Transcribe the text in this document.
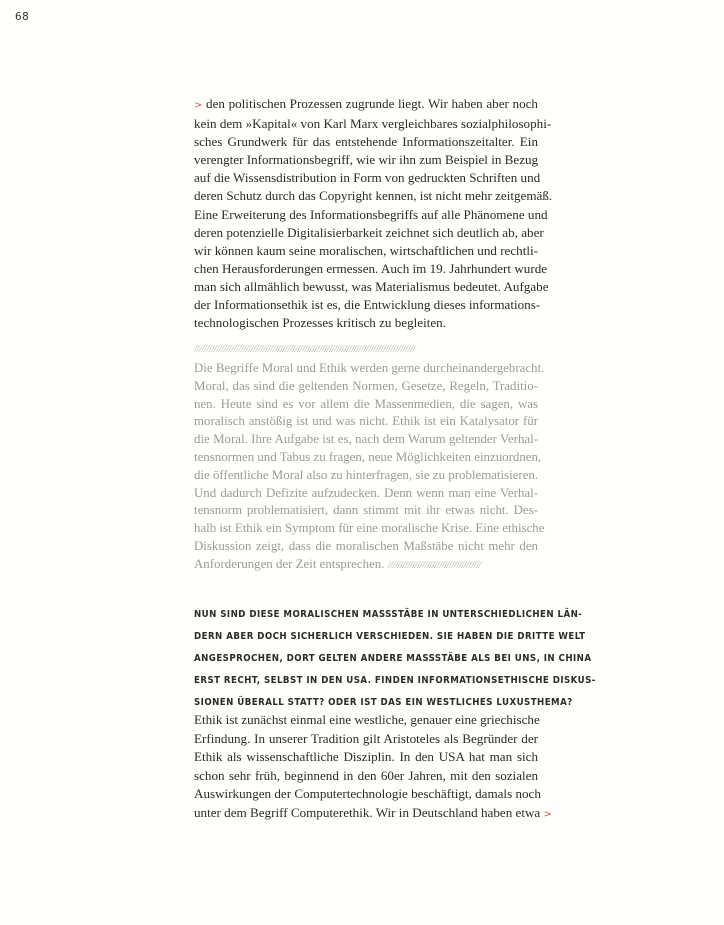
68
> den politischen Prozessen zugrunde liegt. Wir haben aber noch
kein dem »Kapital« von Karl Marx vergleichbares sozialphilosophi-
sches Grundwerk für das entstehende Informationszeitalter. Ein
verengter Informationsbegriff, wie wir ihn zum Beispiel in Bezug
auf die Wissensdistribution in Form von gedruckten Schriften und
deren Schutz durch das Copyright kennen, ist nicht mehr zeitgemäß.
Eine Erweiterung des Informationsbegriffs auf alle Phänomene und
deren potenzielle Digitalisierbarkeit zeichnet sich deutlich ab, aber
wir können kaum seine moralischen, wirtschaftlichen und rechtli-
chen Herausforderungen ermessen. Auch im 19. Jahrhundert wurde
man sich allmählich bewusst, was Materialismus bedeutet. Aufgabe
der Informationsethik ist es, die Entwicklung dieses informations-
technologischen Prozesses kritisch zu begleiten.
//////////////////////////////////////////////////////////////////////////////////////////
Die Begriffe Moral und Ethik werden gerne durcheinandergebracht.
Moral, das sind die geltenden Normen, Gesetze, Regeln, Traditio-
nen. Heute sind es vor allem die Massenmedien, die sagen, was
moralisch anstößig ist und was nicht. Ethik ist ein Katalysator für
die Moral. Ihre Aufgabe ist es, nach dem Warum geltender Verhal-
tensnormen und Tabus zu fragen, neue Möglichkeiten einzuordnen,
die öffentliche Moral also zu hinterfragen, sie zu problematisieren.
Und dadurch Defizite aufzudecken. Denn wenn man eine Verhal-
tensnorm problematisiert, dann stimmt mit ihr etwas nicht. Des-
halb ist Ethik ein Symptom für eine moralische Krise. Eine ethische
Diskussion zeigt, dass die moralischen Maßstäbe nicht mehr den
Anforderungen der Zeit entsprechen. //////////////////////////////////////
NUN SIND DIESE MORALISCHEN MASSSTÄBE IN UNTERSCHIEDLICHEN LÄN-
DERN ABER DOCH SICHERLICH VERSCHIEDEN. SIE HABEN DIE DRITTE WELT
ANGESPROCHEN, DORT GELTEN ANDERE MASSSTÄBE ALS BEI UNS, IN CHINA
ERST RECHT, SELBST IN DEN USA. FINDEN INFORMATIONSETHISCHE DISKUS-
SIONEN ÜBERALL STATT? ODER IST DAS EIN WESTLICHES LUXUSTHEMA?
Ethik ist zunächst einmal eine westliche, genauer eine griechische
Erfindung. In unserer Tradition gilt Aristoteles als Begründer der
Ethik als wissenschaftliche Disziplin. In den USA hat man sich
schon sehr früh, beginnend in den 60er Jahren, mit den sozialen
Auswirkungen der Computertechnologie beschäftigt, damals noch
unter dem Begriff Computerethik. Wir in Deutschland haben etwa >
